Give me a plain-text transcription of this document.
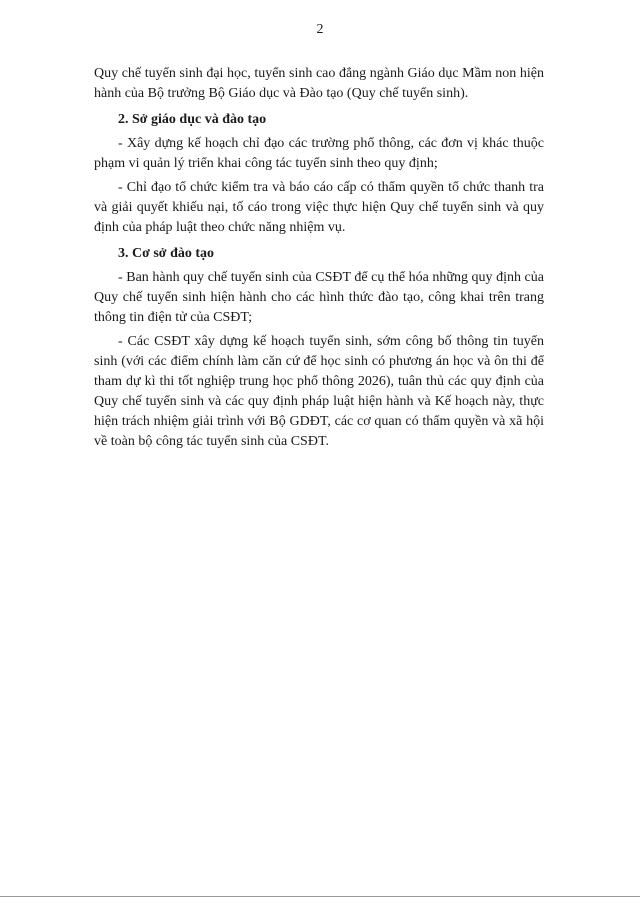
2

Quy chế tuyển sinh đại học, tuyển sinh cao đẳng ngành Giáo dục Mầm non hiện hành của Bộ trưởng Bộ Giáo dục và Đào tạo (Quy chế tuyển sinh).

2. Sở giáo dục và đào tạo

- Xây dựng kế hoạch chỉ đạo các trường phổ thông, các đơn vị khác thuộc phạm vi quản lý triển khai công tác tuyển sinh theo quy định;

- Chỉ đạo tổ chức kiểm tra và báo cáo cấp có thẩm quyền tổ chức thanh tra và giải quyết khiếu nại, tố cáo trong việc thực hiện Quy chế tuyển sinh và quy định của pháp luật theo chức năng nhiệm vụ.

3. Cơ sở đào tạo

- Ban hành quy chế tuyển sinh của CSĐT để cụ thể hóa những quy định của Quy chế tuyển sinh hiện hành cho các hình thức đào tạo, công khai trên trang thông tin điện tử của CSĐT;

- Các CSĐT xây dựng kế hoạch tuyển sinh, sớm công bố thông tin tuyển sinh (với các điểm chính làm căn cứ để học sinh có phương án học và ôn thi để tham dự kì thi tốt nghiệp trung học phổ thông 2026), tuân thủ các quy định của Quy chế tuyển sinh và các quy định pháp luật hiện hành và Kế hoạch này, thực hiện trách nhiệm giải trình với Bộ GDĐT, các cơ quan có thẩm quyền và xã hội về toàn bộ công tác tuyển sinh của CSĐT.
